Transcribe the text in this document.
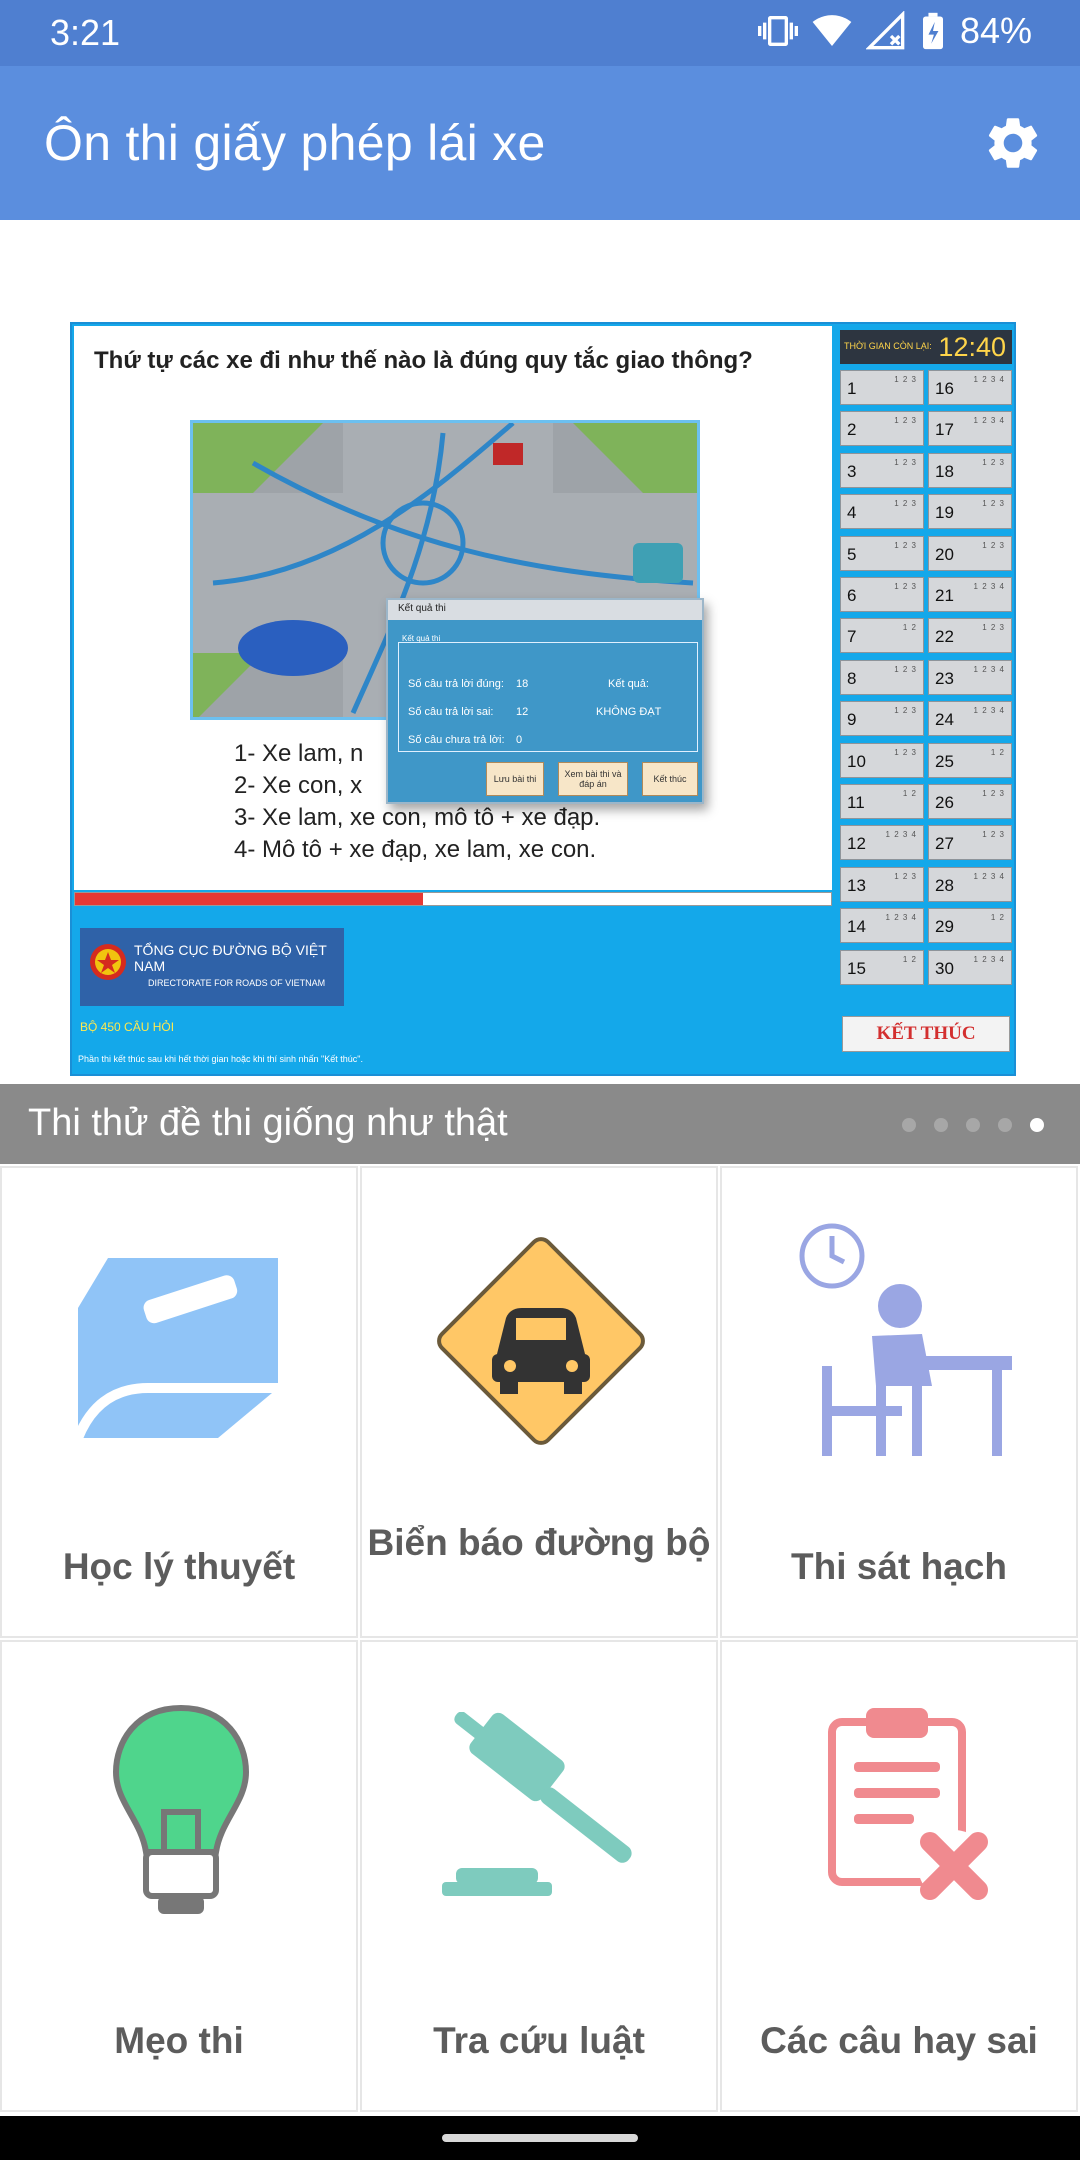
3:21	84%
Ôn thi giấy phép lái xe
Thứ tự các xe đi như thế nào là đúng quy tắc giao thông?
1- Xe lam, n
2- Xe con, x
3- Xe lam, xe con, mô tô + xe đạp.
4- Mô tô + xe đạp, xe lam, xe con.
Kết quả thi
Kết quả thi
Số câu trả lời đúng: 18	Kết quả:
Số câu trả lời sai: 12	KHÔNG ĐẠT
Số câu chưa trả lời: 0
Lưu bài thi	Xem bài thi và đáp án	Kết thúc
TỔNG CỤC ĐƯỜNG BỘ VIỆT NAM
DIRECTORATE FOR ROADS OF VIETNAM
BỘ 450 CÂU HỎI
Phần thi kết thúc sau khi hết thời gian hoặc khi thí sinh nhấn "Kết thúc".
THỜI GIAN CÒN LẠI: 12:40
1	1 2 3
2	1 2 3
3	1 2 3
4	1 2 3
5	1 2 3
6	1 2 3
7	1 2
8	1 2 3
9	1 2 3
10	1 2 3
11	1 2
12 1 2 3 4
13	1 2 3
14 1 2 3 4
15	1 2
16 1 2 3 4
17 1 2 3 4
18	1 2 3
19	1 2 3
20	1 2 3
21 1 2 3 4
22	1 2 3
23 1 2 3 4
24 1 2 3 4
25	1 2
26	1 2 3
27	1 2 3
28 1 2 3 4
29	1 2
30 1 2 3 4
KẾT THÚC
Thi thử đề thi giống như thật
Học lý thuyết
Biển báo đường bộ
Thi sát hạch
Mẹo thi	Tra cứu luật	Các câu hay sai
